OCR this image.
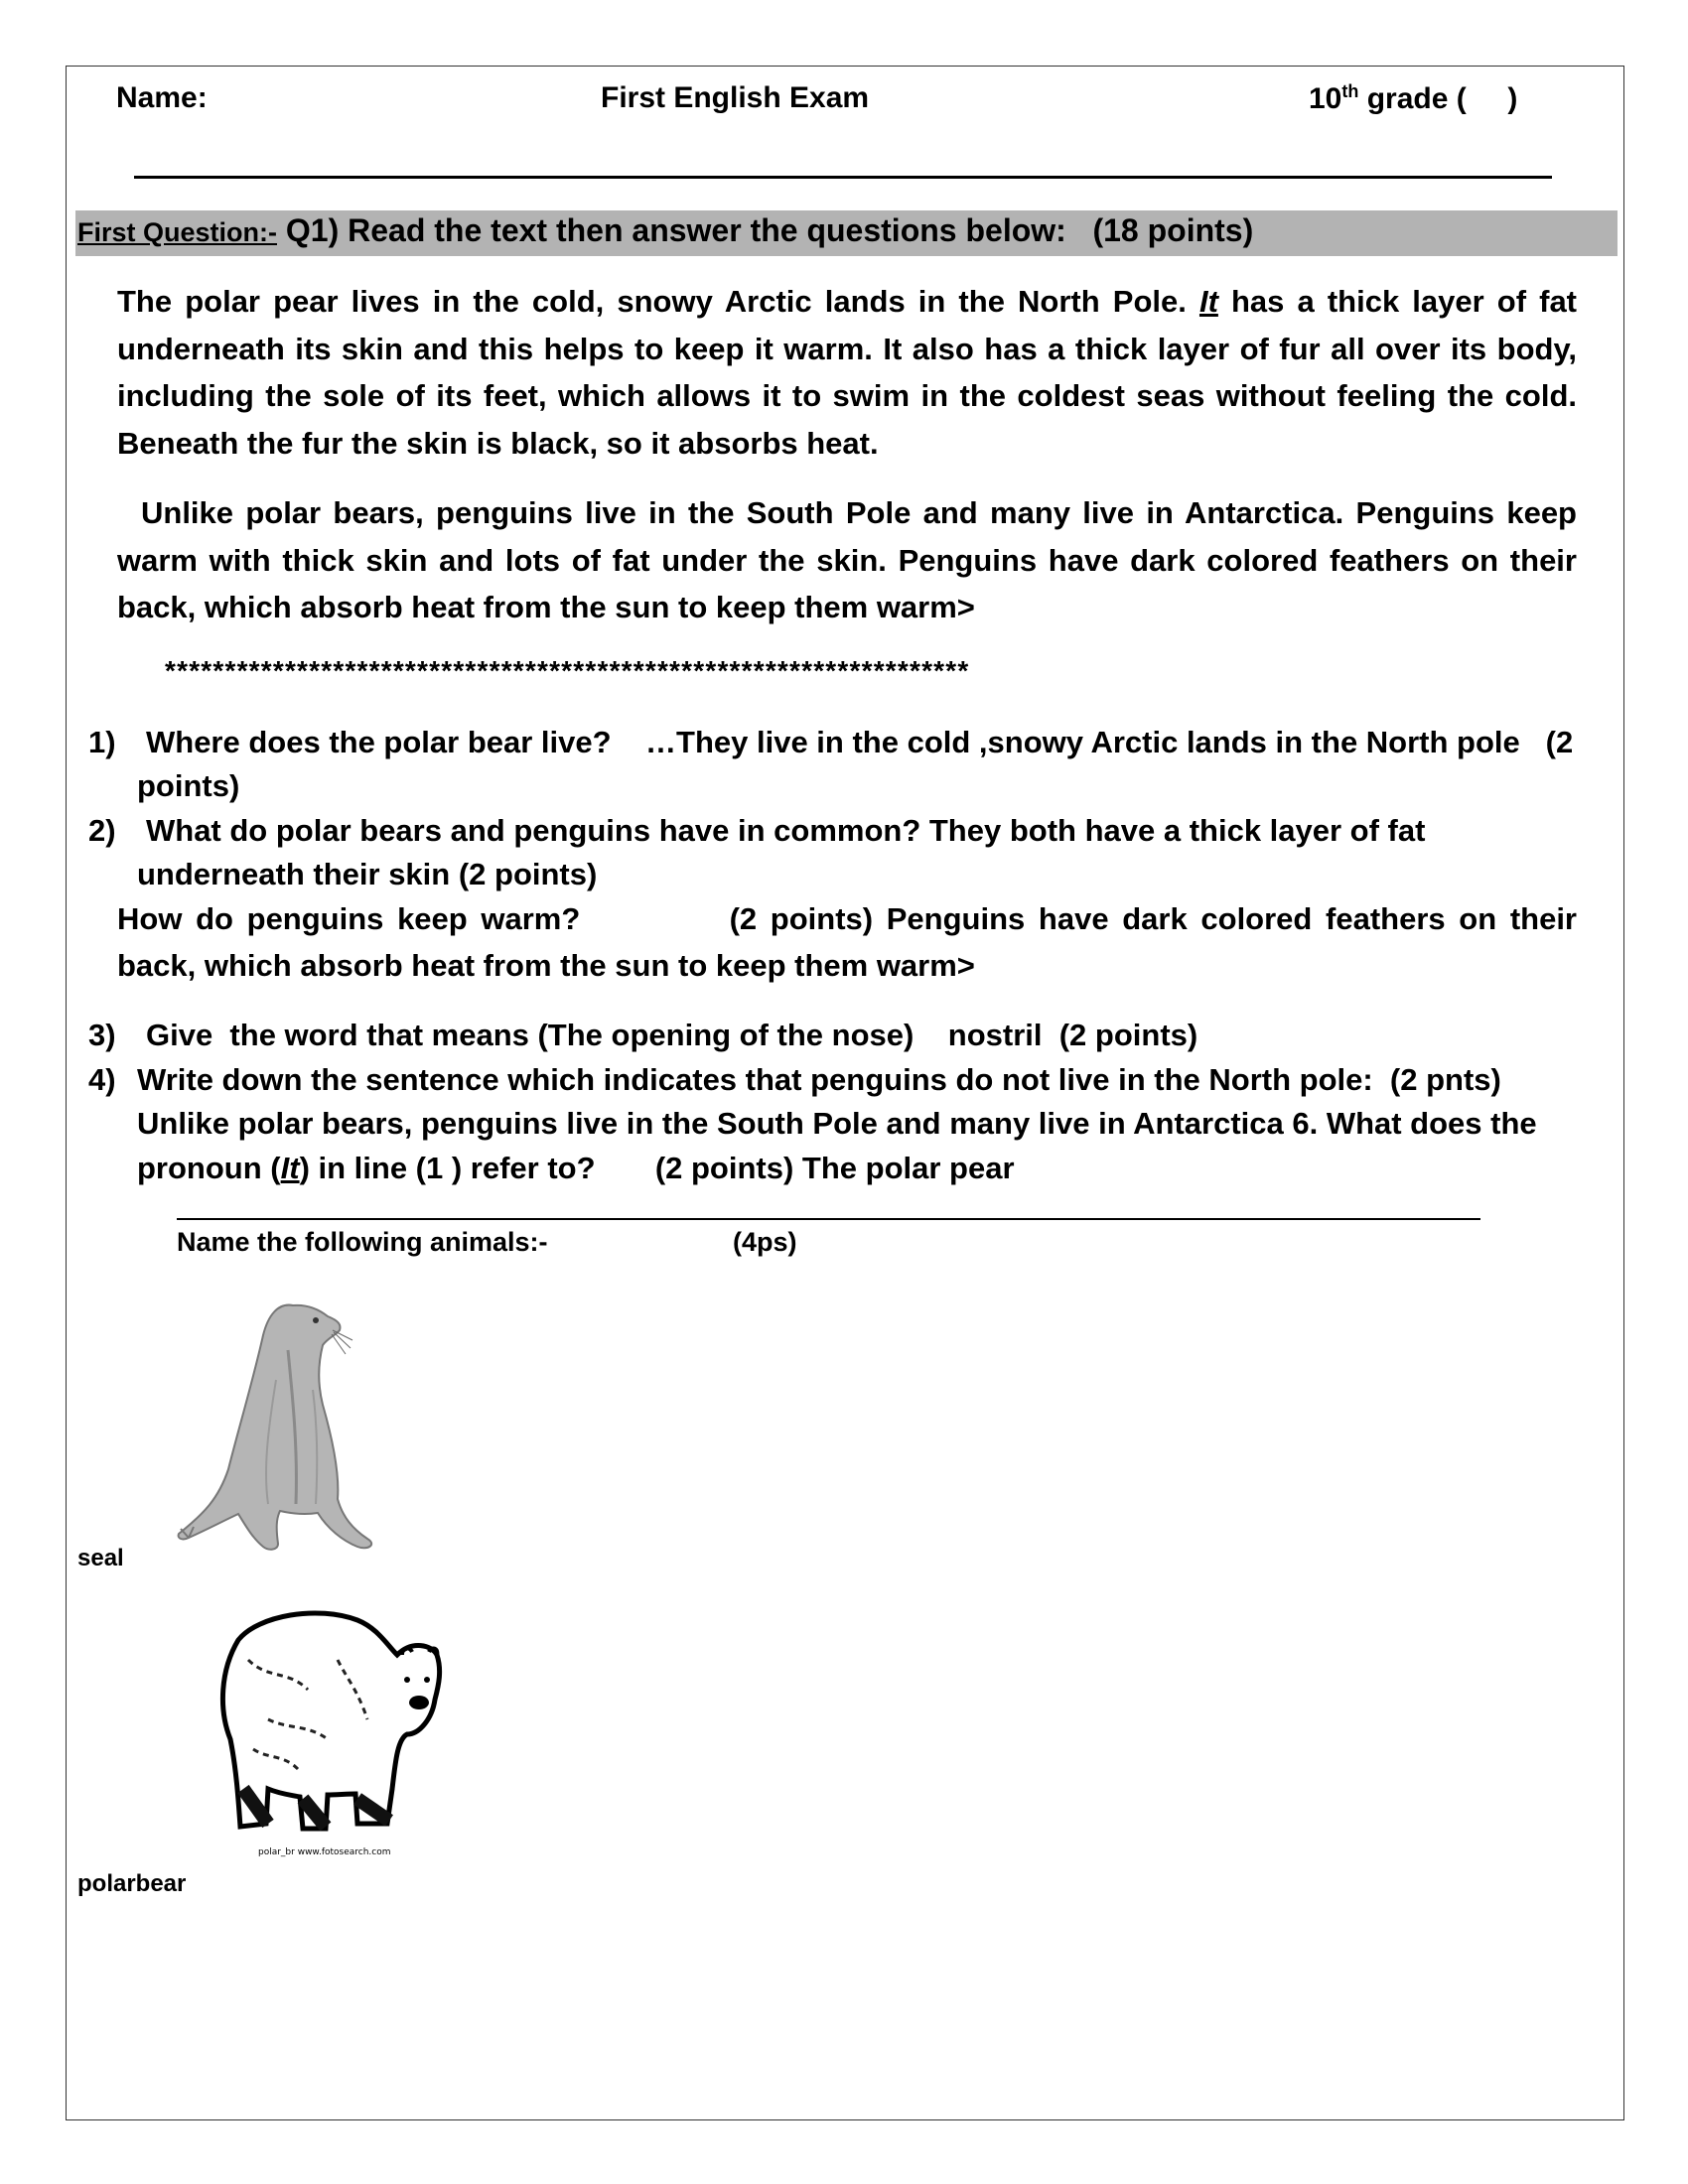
Name:	First English Exam	10th grade (     )
First Question:- Q1) Read the text then answer the questions below:   (18 points)
The polar pear lives in the cold, snowy Arctic lands in the North Pole. It has a thick layer of fat underneath its skin and this helps to keep it warm. It also has a thick layer of fur all over its body, including the sole of its feet, which allows it to swim in the coldest seas without feeling the cold. Beneath the fur the skin is black, so it absorbs heat.
Unlike polar bears, penguins live in the South Pole and many live in Antarctica. Penguins keep warm with thick skin and lots of fat under the skin. Penguins have dark colored feathers on their back, which absorb heat from the sun to keep them warm>
*******************************************************************
1) Where does the polar bear live?    …They live in the cold ,snowy Arctic lands in the North pole   (2
points)
2) What do polar bears and penguins have in common? They both have a thick layer of fat
underneath their skin (2 points)
How do penguins keep warm?           (2 points) Penguins have dark colored feathers on their
back, which absorb heat from the sun to keep them warm>
3) Give  the word that means (The opening of the nose)    nostril  (2 points)
4) Write down the sentence which indicates that penguins do not live in the North pole:  (2 pnts)
Unlike polar bears, penguins live in the South Pole and many live in Antarctica 6. What does the
pronoun (It) in line (1 ) refer to?       (2 points) The polar pear
Name the following animals:-	(4ps)
seal
polar_br www.fotosearch.com
polarbear
